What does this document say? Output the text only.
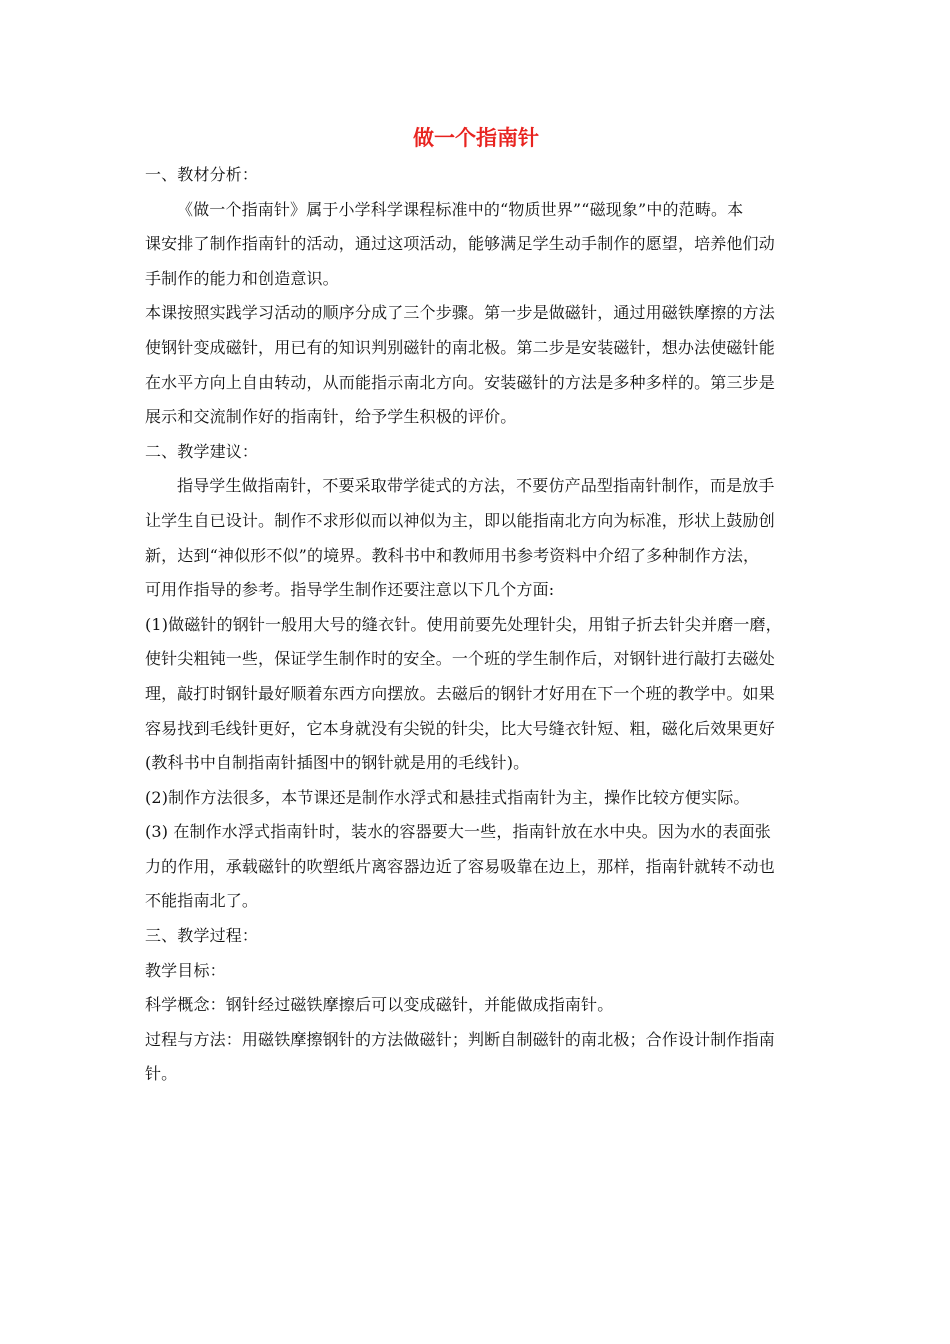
做一个指南针
一、教材分析：
《做一个指南针》属于小学科学课程标准中的“物质世界”“磁现象”中的范畴。本
课安排了制作指南针的活动，通过这项活动，能够满足学生动手制作的愿望，培养他们动
手制作的能力和创造意识。
本课按照实践学习活动的顺序分成了三个步骤。第一步是做磁针，通过用磁铁摩擦的方法
使钢针变成磁针，用已有的知识判别磁针的南北极。第二步是安装磁针，想办法使磁针能
在水平方向上自由转动，从而能指示南北方向。安装磁针的方法是多种多样的。第三步是
展示和交流制作好的指南针，给予学生积极的评价。
二、教学建议：
指导学生做指南针，不要采取带学徒式的方法，不要仿产品型指南针制作，而是放手
让学生自已设计。制作不求形似而以神似为主，即以能指南北方向为标准，形状上鼓励创
新，达到“神似形不似”的境界。教科书中和教师用书参考资料中介绍了多种制作方法，
可用作指导的参考。指导学生制作还要注意以下几个方面:
(1)做磁针的钢针一般用大号的缝衣针。使用前要先处理针尖，用钳子折去针尖并磨一磨，
使针尖粗钝一些，保证学生制作时的安全。一个班的学生制作后，对钢针进行敲打去磁处
理，敲打时钢针最好顺着东西方向摆放。去磁后的钢针才好用在下一个班的教学中。如果
容易找到毛线针更好，它本身就没有尖锐的针尖，比大号缝衣针短、粗，磁化后效果更好
(教科书中自制指南针插图中的钢针就是用的毛线针)。
(2)制作方法很多，本节课还是制作水浮式和悬挂式指南针为主，操作比较方便实际。
(3) 在制作水浮式指南针时，装水的容器要大一些，指南针放在水中央。因为水的表面张
力的作用，承载磁针的吹塑纸片离容器边近了容易吸靠在边上，那样，指南针就转不动也
不能指南北了。
三、教学过程：
教学目标：
科学概念：钢针经过磁铁摩擦后可以变成磁针，并能做成指南针。
过程与方法：用磁铁摩擦钢针的方法做磁针；判断自制磁针的南北极；合作设计制作指南
针。
